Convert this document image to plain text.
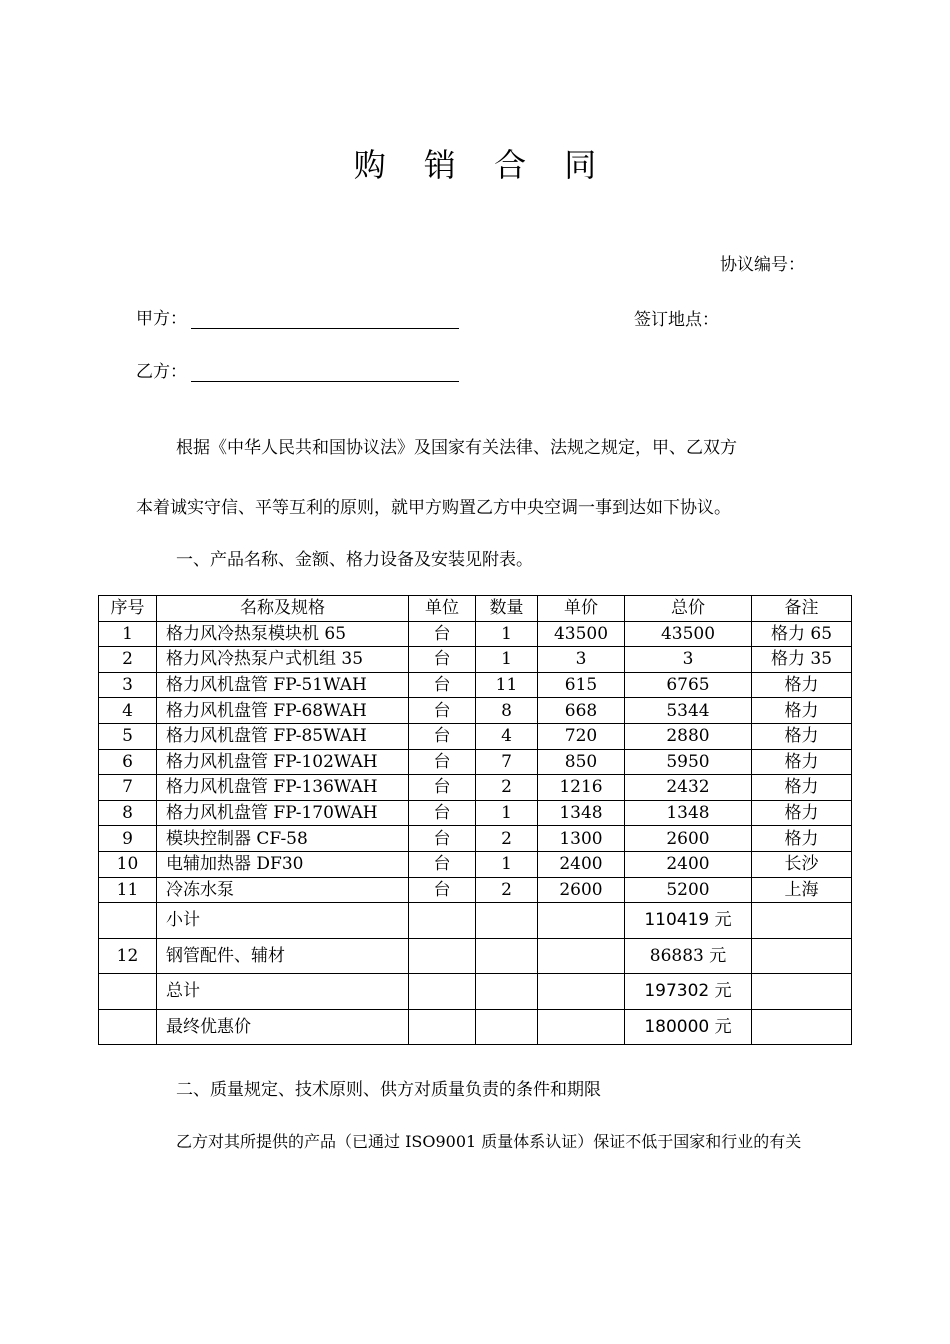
购 销 合 同
协议编号：
甲方：	签订地点：
乙方：
根据《中华人民共和国协议法》及国家有关法律、法规之规定，甲、乙双方
本着诚实守信、平等互利的原则，就甲方购置乙方中央空调一事到达如下协议。
一、产品名称、金额、格力设备及安装见附表。
序号	名称及规格	单位	数量	单价	总价	备注
1	格力风冷热泵模块机 65	台	1	43500	43500	格力 65
2	格力风冷热泵户式机组 35	台	1	3	3	格力 35
3	格力风机盘管 FP-51WAH	台	11	615	6765	格力
4	格力风机盘管 FP-68WAH	台	8	668	5344	格力
5	格力风机盘管 FP-85WAH	台	4	720	2880	格力
6	格力风机盘管 FP-102WAH	台	7	850	5950	格力
7	格力风机盘管 FP-136WAH	台	2	1216	2432	格力
8	格力风机盘管 FP-170WAH	台	1	1348	1348	格力
9	模块控制器 CF-58	台	2	1300	2600	格力
10	电辅加热器 DF30	台	1	2400	2400	长沙
11	冷冻水泵	台	2	2600	5200	上海
	小计				110419 元	
12	钢管配件、辅材				86883 元	
	总计				197302 元	
	最终优惠价				180000 元	
二、质量规定、技术原则、供方对质量负责的条件和期限
乙方对其所提供的产品（已通过 ISO9001 质量体系认证）保证不低于国家和行业的有关
